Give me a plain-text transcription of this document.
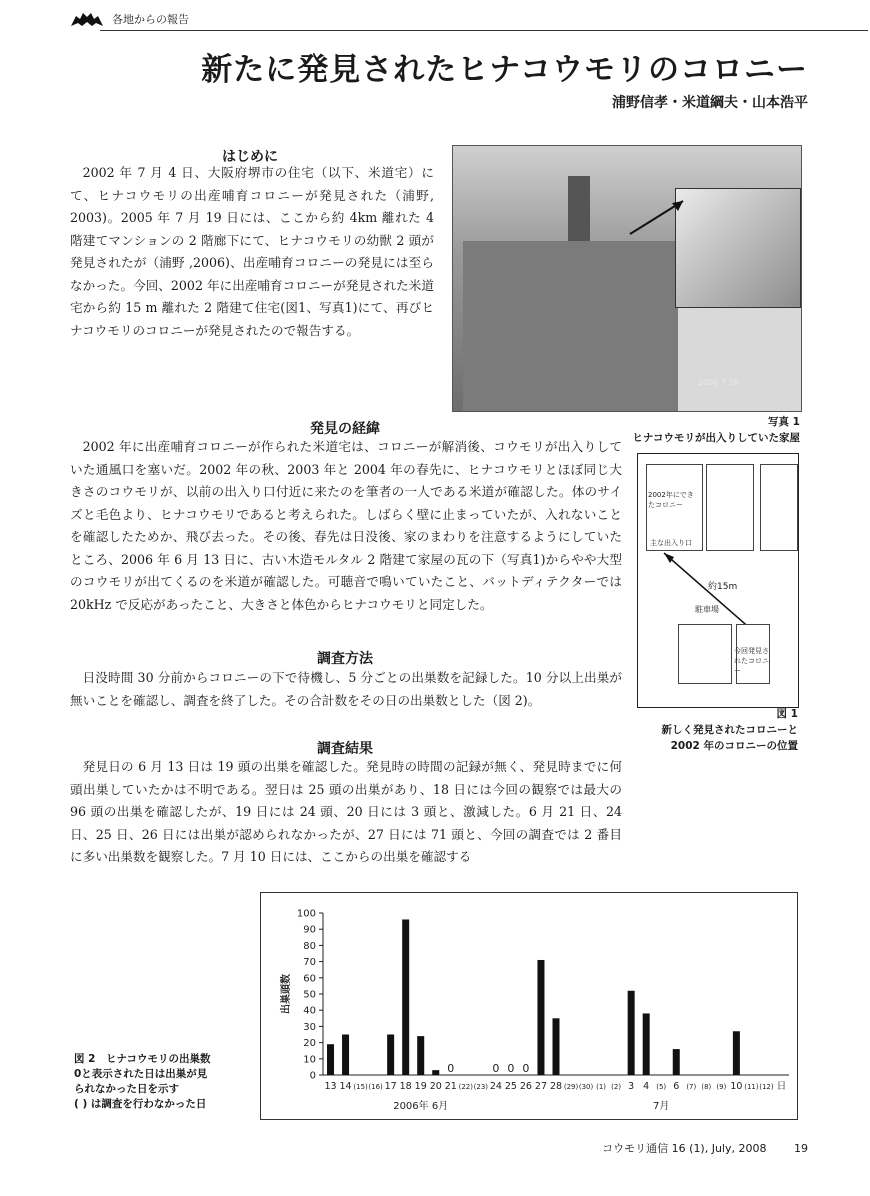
各地からの報告
新たに発見されたヒナコウモリのコロニー
浦野信孝・米道綱夫・山本浩平
はじめに
2002 年 7 月 4 日、大阪府堺市の住宅（以下、米道宅）にて、ヒナコウモリの出産哺育コロニーが発見された（浦野, 2003)。2005 年 7 月 19 日には、ここから約 4km 離れた 4 階建てマンションの 2 階廊下にて、ヒナコウモリの幼獣 2 頭が発見されたが（浦野 ,2006)、出産哺育コロニーの発見には至らなかった。今回、2002 年に出産哺育コロニーが発見された米道宅から約 15 m 離れた 2 階建て住宅(図1、写真1)にて、再びヒナコウモリのコロニーが発見されたので報告する。
2006 7 16
写真 1
ヒナコウモリが出入りしていた家屋
発見の経緯
2002 年に出産哺育コロニーが作られた米道宅は、コロニーが解消後、コウモリが出入りしていた通風口を塞いだ。2002 年の秋、2003 年と 2004 年の春先に、ヒナコウモリとほぼ同じ大きさのコウモリが、以前の出入り口付近に来たのを筆者の一人である米道が確認した。体のサイズと毛色より、ヒナコウモリであると考えられた。しばらく壁に止まっていたが、入れないことを確認したためか、飛び去った。その後、春先は日没後、家のまわりを注意するようにしていたところ、2006 年 6 月 13 日に、古い木造モルタル 2 階建て家屋の瓦の下（写真1)からやや大型のコウモリが出てくるのを米道が確認した。可聴音で鳴いていたこと、バットディテクターでは 20kHz で反応があったこと、大きさと体色からヒナコウモリと同定した。
2002年にできたコロニー
主な出入り口
駐車場
約15m
今回発見されたコロニー
図 1
新しく発見されたコロニーと
2002 年のコロニーの位置
調査方法
日没時間 30 分前からコロニーの下で待機し、5 分ごとの出巣数を記録した。10 分以上出巣が無いことを確認し、調査を終了した。その合計数をその日の出巣数とした（図 2)。
調査結果
発見日の 6 月 13 日は 19 頭の出巣を確認した。発見時の時間の記録が無く、発見時までに何頭出巣していたかは不明である。翌日は 25 頭の出巣があり、18 日には今回の観察では最大の 96 頭の出巣を確認したが、19 日には 24 頭、20 日には 3 頭と、激減した。6 月 21 日、24 日、25 日、26 日には出巣が認められなかったが、27 日には 71 頭と、今回の調査では 2 番目に多い出巣数を観察した。7 月 10 日には、ここからの出巣を確認する
0
10
20
30
40
50
60
70
80
90
100
出巣頭数
13 14 (15) (16) 17 18 19 20
0
21 (22) (23)
0
24
0
25
0
26 27 28 (29) (30) (1) (2) 3 4 (5) 6 (7) (8) (9) 10 (11) (12) 日
2006年 6月	7月
図 2　ヒナコウモリの出巣数
0と表示された日は出巣が見
られなかった日を示す
( ) は調査を行わなかった日
コウモリ通信 16 (1), July, 2008	19
